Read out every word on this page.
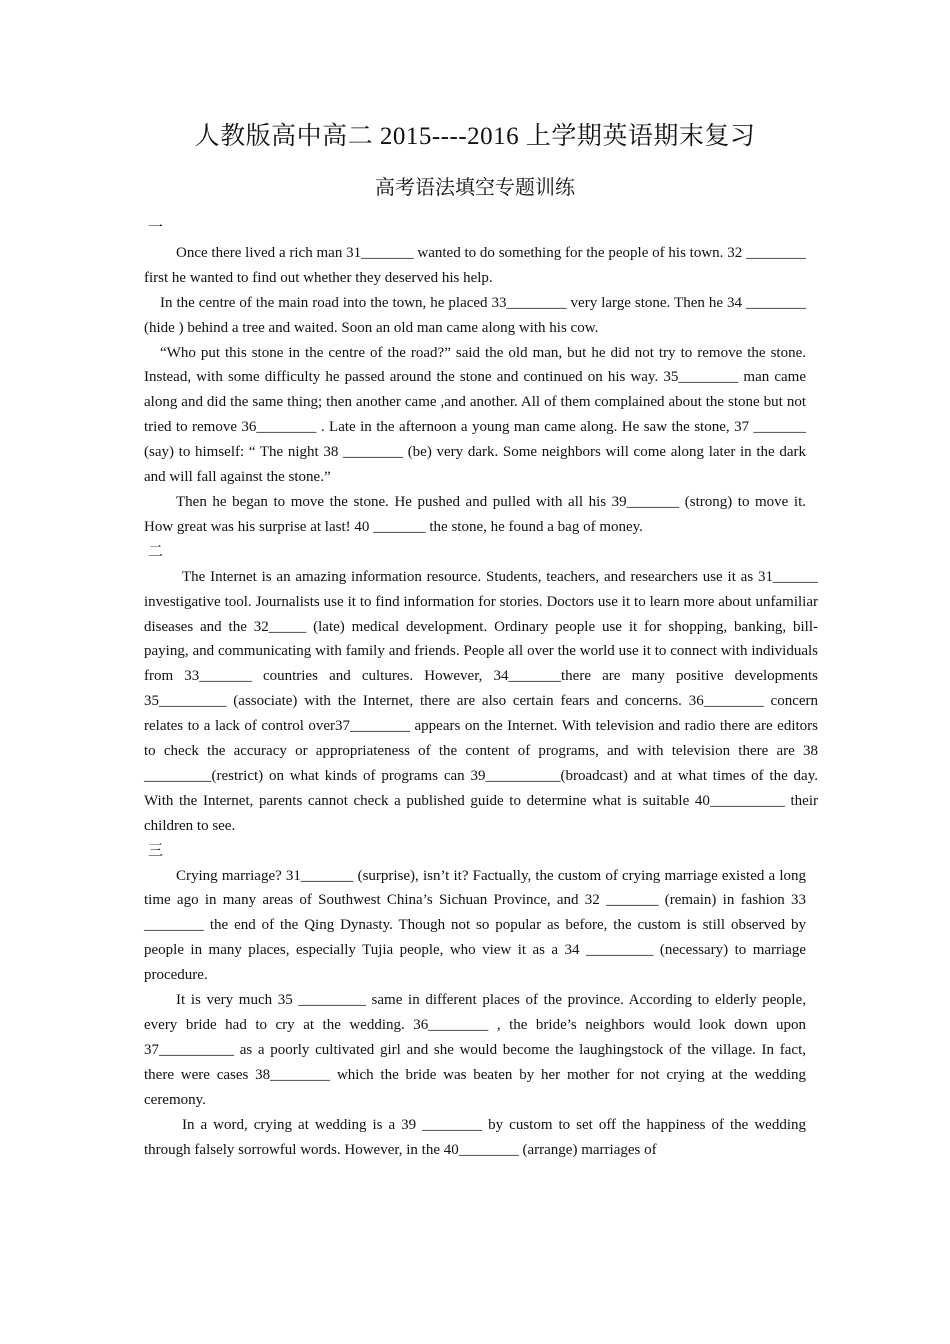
人教版高中高二 2015----2016 上学期英语期末复习
高考语法填空专题训练
一

Once there lived a rich man 31_______ wanted to do something for the people of his town. 32 ________ first he wanted to find out whether they deserved his help.

In the centre of the main road into the town, he placed 33________ very large stone. Then he 34 ________ (hide ) behind a tree and waited. Soon an old man came along with his cow.

“Who put this stone in the centre of the road?” said the old man, but he did not try to remove the stone. Instead, with some difficulty he passed around the stone and continued on his way. 35________ man came along and did the same thing; then another came ,and another. All of them complained about the stone but not tried to remove 36________ . Late in the afternoon a young man came along. He saw the stone, 37 _______ (say) to himself: “ The night 38 ________ (be) very dark. Some neighbors will come along later in the dark and will fall against the stone.”

Then he began to move the stone. He pushed and pulled with all his 39_______ (strong) to move it. How great was his surprise at last! 40 _______ the stone, he found a bag of money.

二

The Internet is an amazing information resource. Students, teachers, and researchers use it as 31______ investigative tool. Journalists use it to find information for stories. Doctors use it to learn more about unfamiliar diseases and the 32_____ (late) medical development. Ordinary people use it for shopping, banking, bill-paying, and communicating with family and friends. People all over the world use it to connect with individuals from 33_______ countries and cultures. However, 34_______there are many positive developments 35_________ (associate) with the Internet, there are also certain fears and concerns. 36________ concern relates to a lack of control over37________ appears on the Internet. With television and radio there are editors to check the accuracy or appropriateness of the content of programs, and with television there are 38 _________(restrict) on what kinds of programs can 39__________(broadcast) and at what times of the day. With the Internet, parents cannot check a published guide to determine what is suitable 40__________ their children to see.

三

Crying marriage? 31_______ (surprise), isn’t it? Factually, the custom of crying marriage existed a long time ago in many areas of Southwest China’s Sichuan Province, and 32 _______ (remain) in fashion 33 ________ the end of the Qing Dynasty. Though not so popular as before, the custom is still observed by people in many places, especially Tujia people, who view it as a 34 _________ (necessary) to marriage procedure.

It is very much 35 _________ same in different places of the province. According to elderly people, every bride had to cry at the wedding. 36________ , the bride’s neighbors would look down upon 37__________ as a poorly cultivated girl and she would become the laughingstock of the village. In fact, there were cases 38________ which the bride was beaten by her mother for not crying at the wedding ceremony.

In a word, crying at wedding is a 39 ________ by custom to set off the happiness of the wedding through falsely sorrowful words. However, in the 40________ (arrange) marriages of
